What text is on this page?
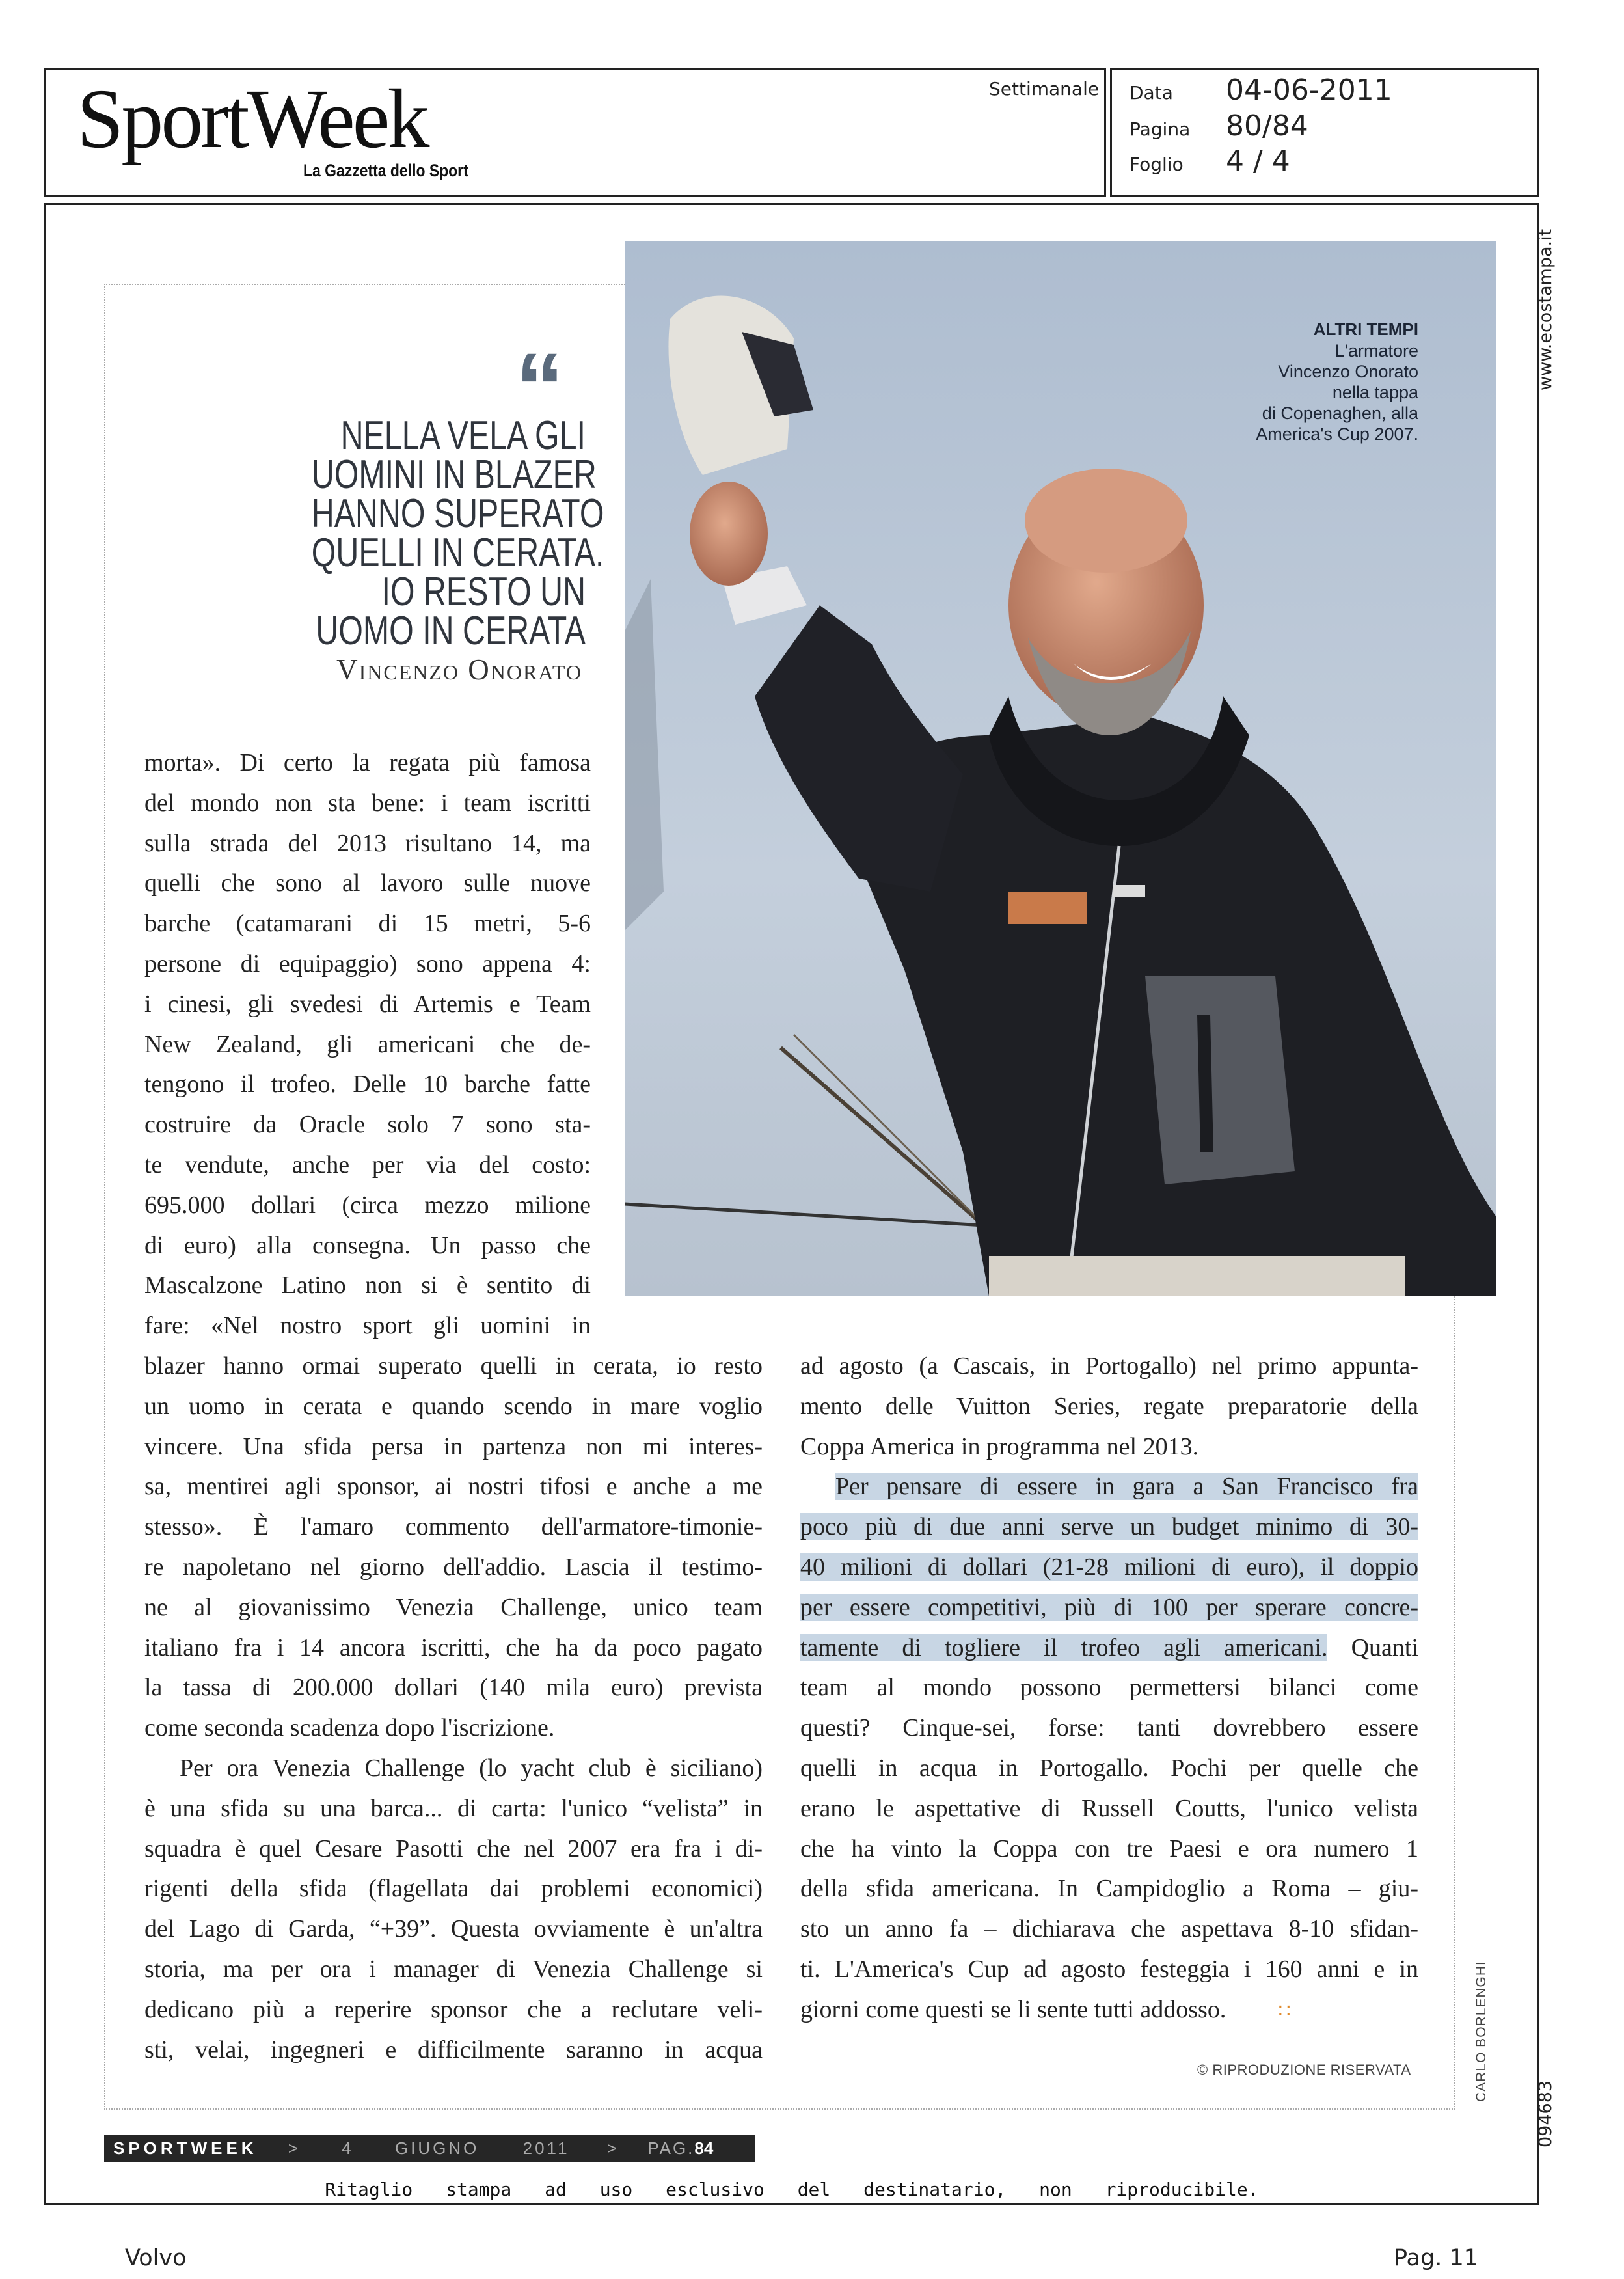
SportWeek
La Gazzetta dello Sport
Settimanale Data 04-06-2011
Pagina 80/84
Foglio 4 / 4
www.ecostampa.it
094683
CARLO BORLENGHI
ALTRI TEMPI
L'armatore
Vincenzo Onorato
nella tappa
di Copenaghen, alla
America's Cup 2007.
“
NELLA VELA GLI
UOMINI IN BLAZER
HANNO SUPERATO
QUELLI IN CERATA.
IO RESTO UN
UOMO IN CERATA
Vincenzo Onorato
morta». Di certo la regata più famosa
del mondo non sta bene: i team iscritti
sulla strada del 2013 risultano 14, ma
quelli che sono al lavoro sulle nuove
barche (catamarani di 15 metri, 5-6
persone di equipaggio) sono appena 4:
i cinesi, gli svedesi di Artemis e Team
New Zealand, gli americani che de-
tengono il trofeo. Delle 10 barche fatte
costruire da Oracle solo 7 sono sta-
te vendute, anche per via del costo:
695.000 dollari (circa mezzo milione
di euro) alla consegna. Un passo che
Mascalzone Latino non si è sentito di
fare: «Nel nostro sport gli uomini in
blazer hanno ormai superato quelli in cerata, io resto
un uomo in cerata e quando scendo in mare voglio
vincere. Una sfida persa in partenza non mi interes-
sa, mentirei agli sponsor, ai nostri tifosi e anche a me
stesso». È l'amaro commento dell'armatore-timonie-
re napoletano nel giorno dell'addio. Lascia il testimo-
ne al giovanissimo Venezia Challenge, unico team
italiano fra i 14 ancora iscritti, che ha da poco pagato
la tassa di 200.000 dollari (140 mila euro) prevista
come seconda scadenza dopo l'iscrizione.
Per ora Venezia Challenge (lo yacht club è siciliano)
è una sfida su una barca... di carta: l'unico “velista” in
squadra è quel Cesare Pasotti che nel 2007 era fra i di-
rigenti della sfida (flagellata dai problemi economici)
del Lago di Garda, “+39”. Questa ovviamente è un'altra
storia, ma per ora i manager di Venezia Challenge si
dedicano più a reperire sponsor che a reclutare veli-
sti, velai, ingegneri e difficilmente saranno in acqua
ad agosto (a Cascais, in Portogallo) nel primo appunta-
mento delle Vuitton Series, regate preparatorie della
Coppa America in programma nel 2013.
Per pensare di essere in gara a San Francisco fra
poco più di due anni serve un budget minimo di 30-
40 milioni di dollari (21-28 milioni di euro), il doppio
per essere competitivi, più di 100 per sperare concre-
tamente di togliere il trofeo agli americani. Quanti
team al mondo possono permettersi bilanci come
questi? Cinque-sei, forse: tanti dovrebbero essere
quelli in acqua in Portogallo. Pochi per quelle che
erano le aspettative di Russell Coutts, l'unico velista
che ha vinto la Coppa con tre Paesi e ora numero 1
della sfida americana. In Campidoglio a Roma – giu-
sto un anno fa – dichiarava che aspettava 8-10 sfidan-
ti. L'America's Cup ad agosto festeggia i 160 anni e in
giorni come questi se li sente tutti addosso.	∷
© RIPRODUZIONE RISERVATA
SPORTWEEK >	4	GIUGNO	2011 > PAG.84
Ritaglio stampa ad uso esclusivo del destinatario, non riproducibile.
Volvo	Pag. 11
